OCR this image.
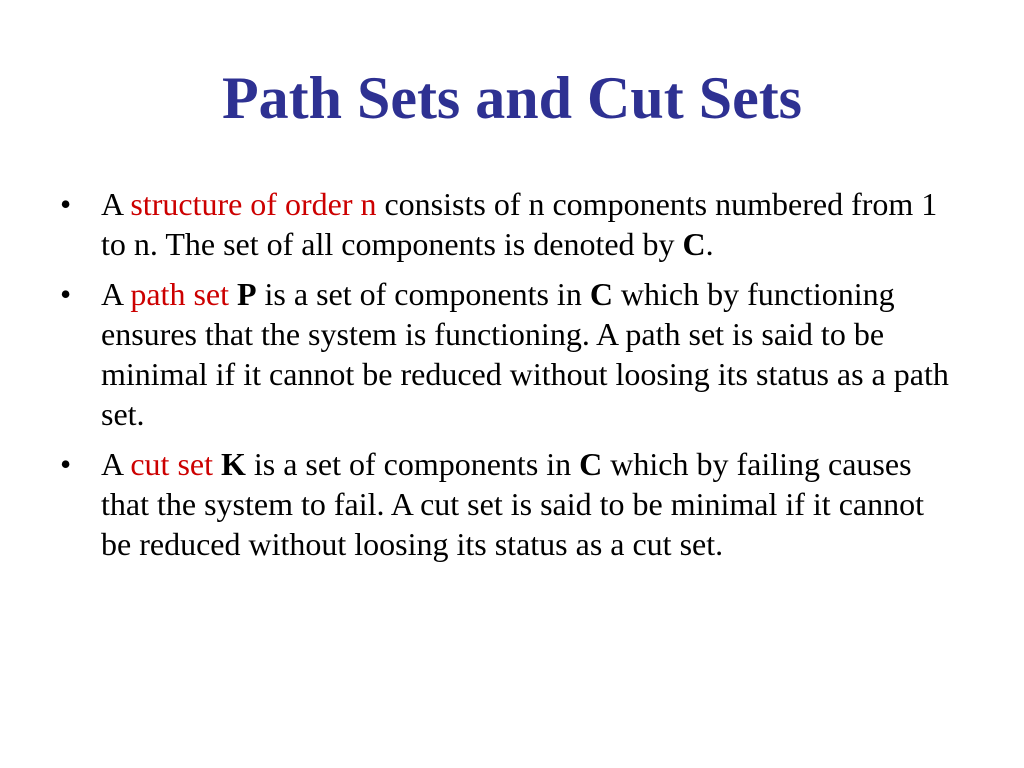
Path Sets and Cut Sets
• A structure of order n consists of n components numbered from 1 to n. The set of all components is denoted by C.
• A path set P is a set of components in C which by functioning ensures that the system is functioning. A path set is said to be minimal if it cannot be reduced without loosing its status as a path set.
• A cut set K is a set of components in C which by failing causes that the system to fail. A cut set is said to be minimal if it cannot be reduced without loosing its status as a cut set.
